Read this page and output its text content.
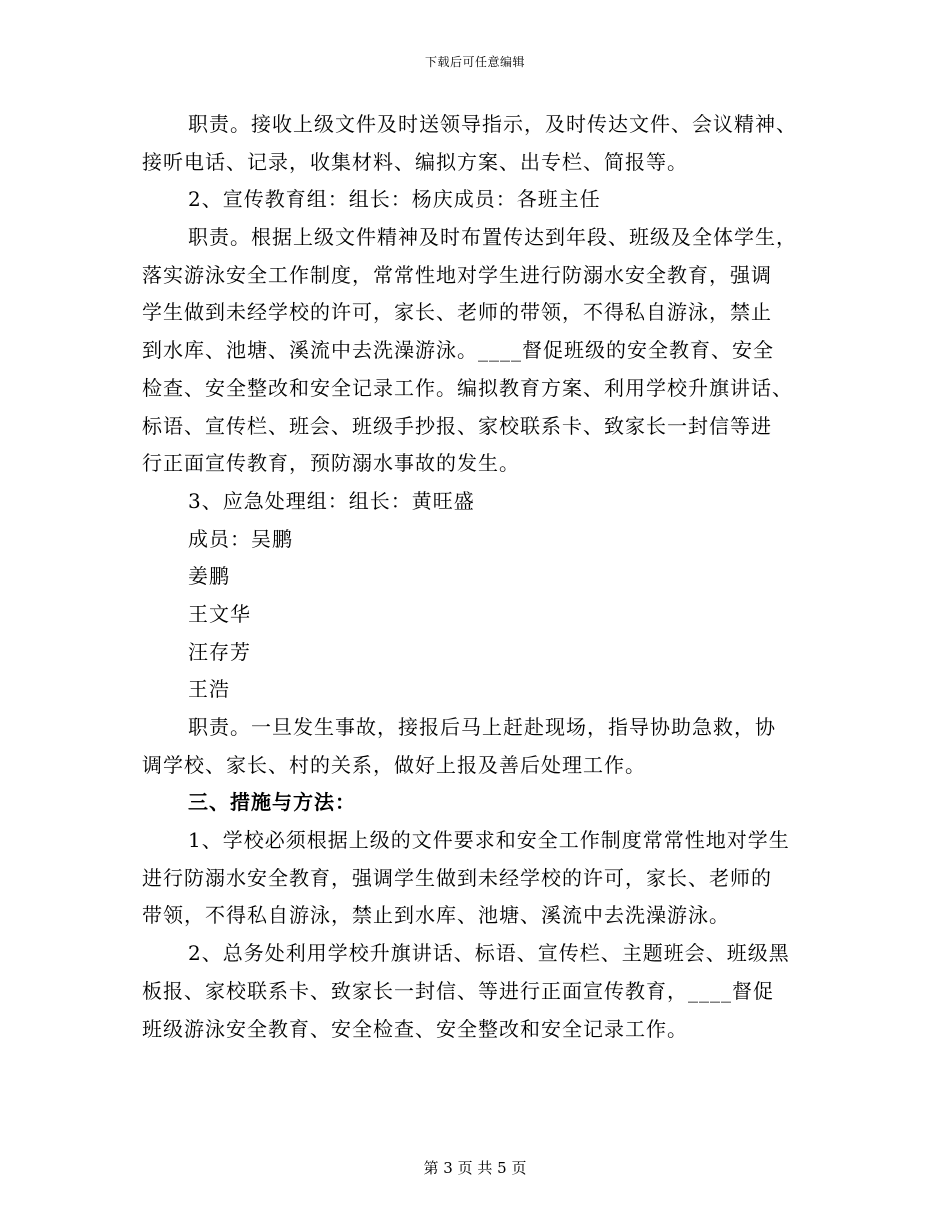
下载后可任意编辑
职责。接收上级文件及时送领导指示，及时传达文件、会议精神、
接听电话、记录，收集材料、编拟方案、出专栏、简报等。
2、宣传教育组：组长：杨庆成员：各班主任
职责。根据上级文件精神及时布置传达到年段、班级及全体学生，
落实游泳安全工作制度，常常性地对学生进行防溺水安全教育，强调
学生做到未经学校的许可，家长、老师的带领，不得私自游泳，禁止
到水库、池塘、溪流中去洗澡游泳。____督促班级的安全教育、安全
检查、安全整改和安全记录工作。编拟教育方案、利用学校升旗讲话、
标语、宣传栏、班会、班级手抄报、家校联系卡、致家长一封信等进
行正面宣传教育，预防溺水事故的发生。
3、应急处理组：组长：黄旺盛
成员：吴鹏
姜鹏
王文华
汪存芳
王浩
职责。一旦发生事故，接报后马上赶赴现场，指导协助急救，协
调学校、家长、村的关系，做好上报及善后处理工作。
三、措施与方法：
1、学校必须根据上级的文件要求和安全工作制度常常性地对学生
进行防溺水安全教育，强调学生做到未经学校的许可，家长、老师的
带领，不得私自游泳，禁止到水库、池塘、溪流中去洗澡游泳。
2、总务处利用学校升旗讲话、标语、宣传栏、主题班会、班级黑
板报、家校联系卡、致家长一封信、等进行正面宣传教育，____督促
班级游泳安全教育、安全检查、安全整改和安全记录工作。
第 3 页 共 5 页
